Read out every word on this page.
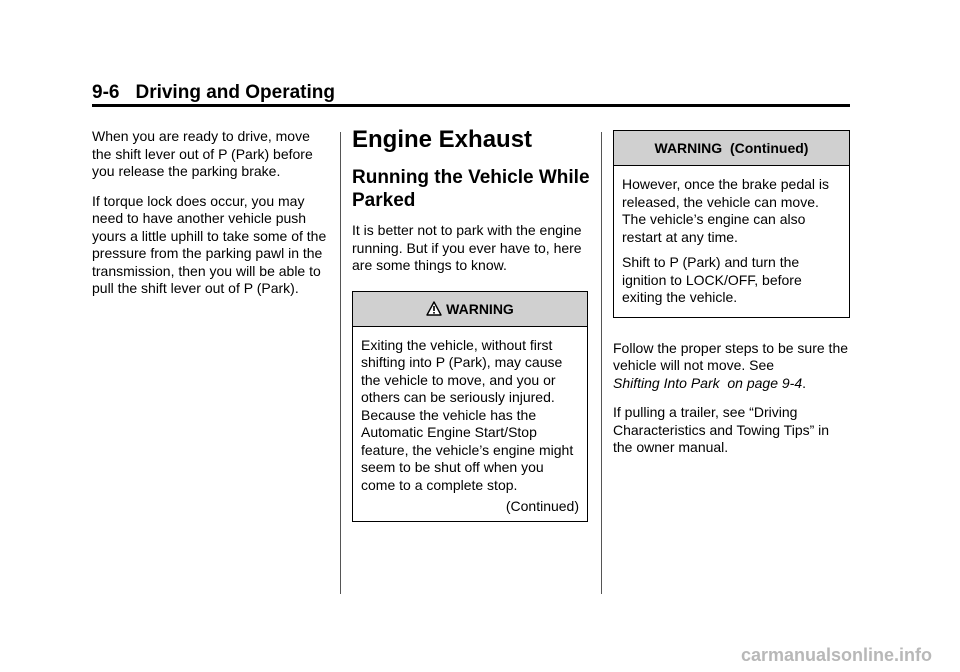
9-6 Driving and Operating

When you are ready to drive, move the shift lever out of P (Park) before you release the parking brake.

If torque lock does occur, you may need to have another vehicle push yours a little uphill to take some of the pressure from the parking pawl in the transmission, then you will be able to pull the shift lever out of P (Park).

Engine Exhaust
Running the Vehicle While Parked

It is better not to park with the engine running. But if you ever have to, here are some things to know.

WARNING

Exiting the vehicle, without first shifting into P (Park), may cause the vehicle to move, and you or others can be seriously injured. Because the vehicle has the Automatic Engine Start/Stop feature, the vehicle’s engine might seem to be shut off when you come to a complete stop.

(Continued)
WARNING  (Continued)

However, once the brake pedal is released, the vehicle can move. The vehicle’s engine can also restart at any time.

Shift to P (Park) and turn the ignition to LOCK/OFF, before exiting the vehicle.

Follow the proper steps to be sure the vehicle will not move. See Shifting Into Park  on page 9-4.

If pulling a trailer, see “Driving Characteristics and Towing Tips” in the owner manual.

carmanualsonline.info
